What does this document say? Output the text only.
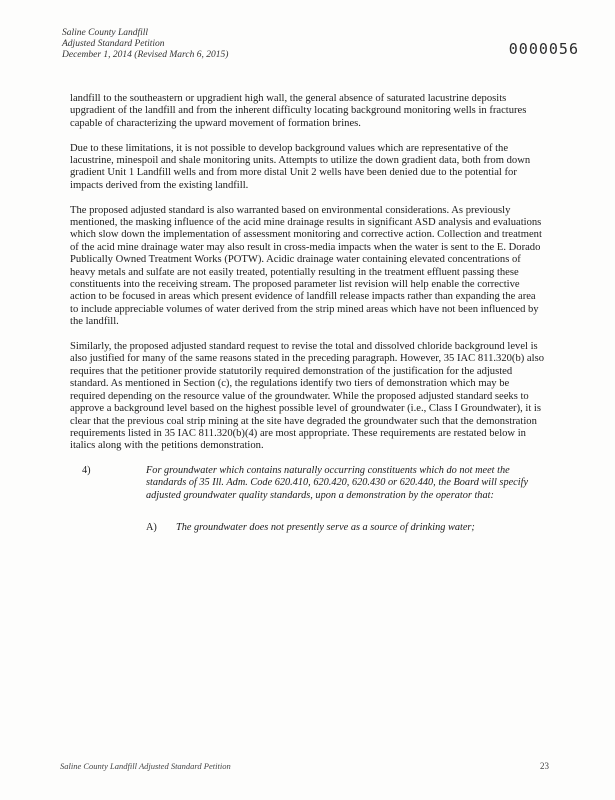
Saline County Landfill
Adjusted Standard Petition
December 1, 2014 (Revised March 6, 2015)	0000056

landfill to the southeastern or upgradient high wall, the general absence of saturated lacustrine deposits upgradient of the landfill and from the inherent difficulty locating background monitoring wells in fractures capable of characterizing the upward movement of formation brines.

Due to these limitations, it is not possible to develop background values which are representative of the lacustrine, minespoil and shale monitoring units. Attempts to utilize the down gradient data, both from down gradient Unit 1 Landfill wells and from more distal Unit 2 wells have been denied due to the potential for impacts derived from the existing landfill.

The proposed adjusted standard is also warranted based on environmental considerations. As previously mentioned, the masking influence of the acid mine drainage results in significant ASD analysis and evaluations which slow down the implementation of assessment monitoring and corrective action. Collection and treatment of the acid mine drainage water may also result in cross-media impacts when the water is sent to the E. Dorado Publically Owned Treatment Works (POTW). Acidic drainage water containing elevated concentrations of heavy metals and sulfate are not easily treated, potentially resulting in the treatment effluent passing these constituents into the receiving stream. The proposed parameter list revision will help enable the corrective action to be focused in areas which present evidence of landfill release impacts rather than expanding the area to include appreciable volumes of water derived from the strip mined areas which have not been influenced by the landfill.

Similarly, the proposed adjusted standard request to revise the total and dissolved chloride background level is also justified for many of the same reasons stated in the preceding paragraph. However, 35 IAC 811.320(b) also requires that the petitioner provide statutorily required demonstration of the justification for the adjusted standard. As mentioned in Section (c), the regulations identify two tiers of demonstration which may be required depending on the resource value of the groundwater. While the proposed adjusted standard seeks to approve a background level based on the highest possible level of groundwater (i.e., Class I Groundwater), it is clear that the previous coal strip mining at the site have degraded the groundwater such that the demonstration requirements listed in 35 IAC 811.320(b)(4) are most appropriate. These requirements are restated below in italics along with the petitions demonstration.

4)	For groundwater which contains naturally occurring constituents which do not meet the standards of 35 Ill. Adm. Code 620.410, 620.420, 620.430 or 620.440, the Board will specify adjusted groundwater quality standards, upon a demonstration by the operator that:
A) The groundwater does not presently serve as a source of drinking water;
Saline County Landfill Adjusted Standard Petition	23
